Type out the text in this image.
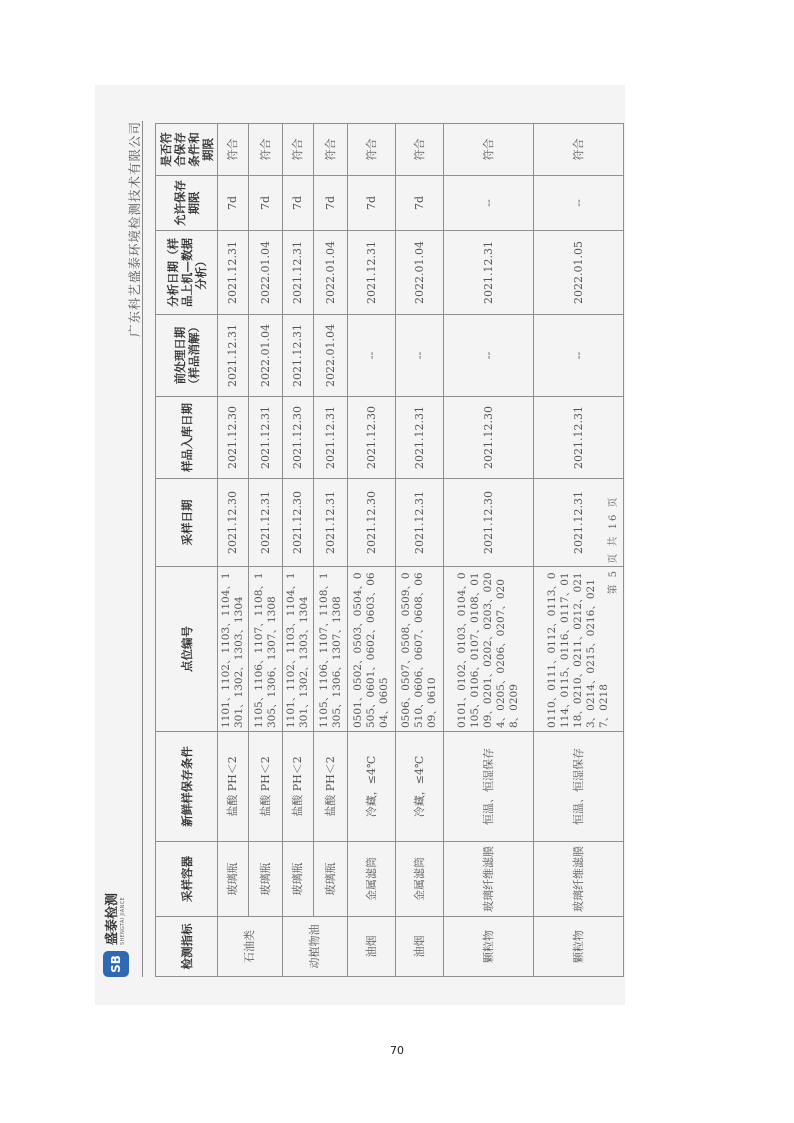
SB
盛泰检测 SHENGTAI JIANCE
广东科艺盛泰环境检测技术有限公司
检测指标	采样容器	新鲜样保存条件	点位编号	采样日期	样品入库日期	前处理日期（样品消解）	分析日期（样品上机—数据分析）	允许保存期限	是否符合保存条件和期限
石油类	玻璃瓶	盐酸 PH＜2	1101、1102、1103、1104、1301、1302、1303、1304	2021.12.30	2021.12.30	2021.12.31	2021.12.31	7d	符合
	玻璃瓶	盐酸 PH＜2	1105、1106、1107、1108、1305、1306、1307、1308	2021.12.31	2021.12.31	2022.01.04	2022.01.04	7d	符合
动植物油	玻璃瓶	盐酸 PH＜2	1101、1102、1103、1104、1301、1302、1303、1304	2021.12.30	2021.12.30	2021.12.31	2021.12.31	7d	符合
	玻璃瓶	盐酸 PH＜2	1105、1106、1107、1108、1305、1306、1307、1308	2021.12.31	2021.12.31	2022.01.04	2022.01.04	7d	符合
油烟	金属滤筒	冷藏，≤4℃	0501、0502、0503、0504、0505、0601、0602、0603、0604、0605	2021.12.30	2021.12.30	--	2021.12.31	7d	符合
油烟	金属滤筒	冷藏，≤4℃	0506、0507、0508、0509、0510、0606、0607、0608、0609、0610	2021.12.31	2021.12.31	--	2022.01.04	7d	符合
颗粒物	玻璃纤维滤膜	恒温、恒湿保存	0101、0102、0103、0104、0105、0106、0107、0108、0109、0201、0202、0203、0204、0205、0206、0207、0208、0209	2021.12.30	2021.12.30	--	2021.12.31	--	符合
颗粒物	玻璃纤维滤膜	恒温、恒湿保存	0110、0111、0112、0113、0114、0115、0116、0117、0118、0210、0211、0212、0213、0214、0215、0216、0217、0218	2021.12.31	2021.12.31	--	2022.01.05	--	符合
第 5 页 共 16 页
70
